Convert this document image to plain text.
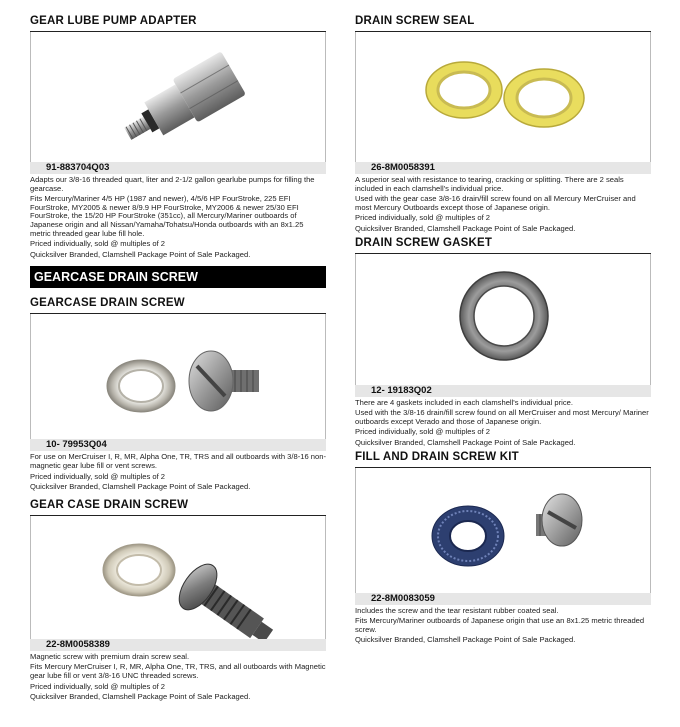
GEAR LUBE PUMP ADAPTER
91-883704Q03

Adapts our 3/8-16 threaded quart, liter and 2-1/2 gallon gearlube pumps for filling the gearcase.

Fits Mercury/Mariner 4/5 HP (1987 and newer), 4/5/6 HP FourStroke, 225 EFI FourStroke, MY2005 & newer 8/9.9 HP FourStroke, MY2006 & newer 25/30 EFI FourStroke, the 15/20 HP FourStroke (351cc), all Mercury/Mariner outboards of Japanese origin and all Nissan/Yamaha/Tohatsu/Honda outboards with an 8x1.25 metric threaded gear lube fill hole.

Priced individually, sold @ multiples of 2

Quicksilver Branded, Clamshell Package Point of Sale Packaged.

GEARCASE DRAIN SCREW
GEARCASE DRAIN SCREW
10- 79953Q04

For use on MerCruiser I, R, MR, Alpha One, TR, TRS and all outboards with 3/8-16 non-magnetic gear lube fill or vent screws.

Priced individually, sold @ multiples of 2

Quicksilver Branded, Clamshell Package Point of Sale Packaged.

GEAR CASE DRAIN SCREW
22-8M0058389

Magnetic screw with premium drain screw seal.

Fits Mercury MerCruiser I, R, MR, Alpha One, TR, TRS, and all outboards with Magnetic gear lube fill or vent 3/8-16 UNC threaded screws.

Priced individually, sold @ multiples of 2

Quicksilver Branded, Clamshell Package Point of Sale Packaged.

DRAIN SCREW SEAL
26-8M0058391

A superior seal with resistance to tearing, cracking or splitting. There are 2 seals included in each clamshell's individual price.

Used with the gear case 3/8-16 drain/fill screw found on all Mercury MerCruiser and most Mercury Outboards except those of Japanese origin.

Priced individually, sold @ multiples of 2

Quicksilver Branded, Clamshell Package Point of Sale Packaged.

DRAIN SCREW GASKET
12- 19183Q02

There are 4 gaskets included in each clamshell's individual price.

Used with the 3/8-16 drain/fill screw found on all MerCruiser and most Mercury/ Mariner outboards except Verado and those of Japanese origin.

Priced individually, sold @ multiples of 2

Quicksilver Branded, Clamshell Package Point of Sale Packaged.

FILL AND DRAIN SCREW KIT
22-8M0083059

Includes the screw and the tear resistant rubber coated seal.

Fits Mercury/Mariner outboards of Japanese origin that use an 8x1.25 metric threaded screw.

Quicksilver Branded, Clamshell Package Point of Sale Packaged.
